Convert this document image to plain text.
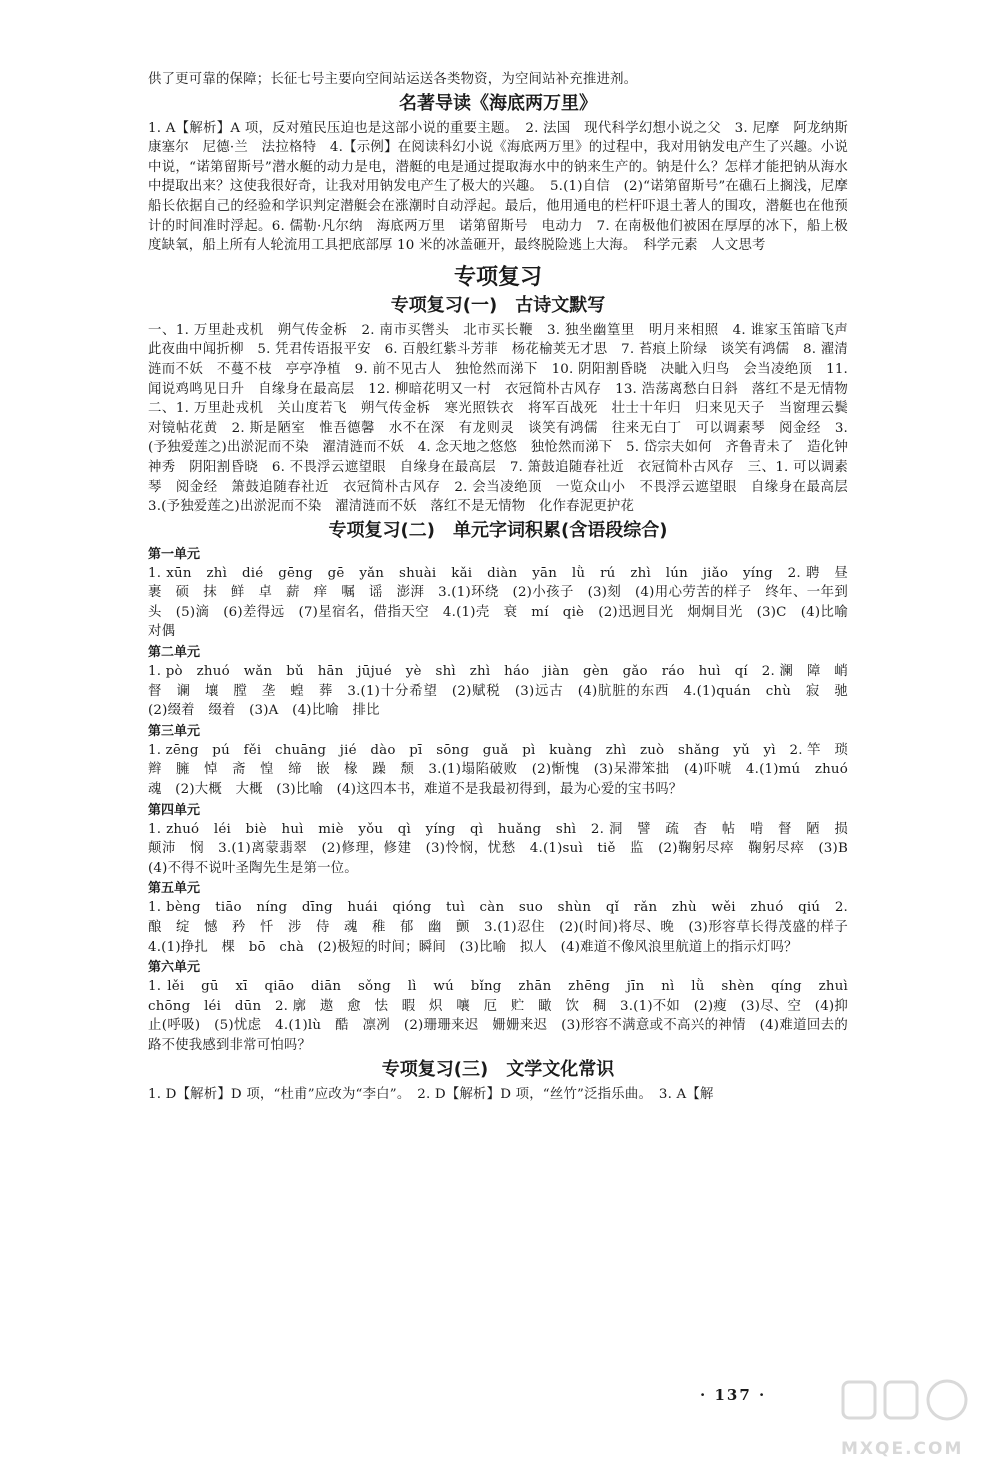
供了更可靠的保障；长征七号主要向空间站运送各类物资，为空间站补充推进剂。

名著导读《海底两万里》

1. A【解析】A 项，反对殖民压迫也是这部小说的重要主题。　2. 法国　现代科学幻想小说之父　3. 尼摩　阿龙纳斯　康塞尔　尼德·兰　法拉格特　4.【示例】在阅读科幻小说《海底两万里》的过程中，我对用钠发电产生了兴趣。小说中说，“诺第留斯号”潜水艇的动力是电，潜艇的电是通过提取海水中的钠来生产的。钠是什么？怎样才能把钠从海水中提取出来？这使我很好奇，让我对用钠发电产生了极大的兴趣。　5.(1)自信　(2)“诺第留斯号”在礁石上搁浅，尼摩船长依据自己的经验和学识判定潜艇会在涨潮时自动浮起。最后，他用通电的栏杆吓退土著人的围攻，潜艇也在他预计的时间准时浮起。6. 儒勒·凡尔纳　海底两万里　诺第留斯号　电动力　7. 在南极他们被困在厚厚的冰下，船上极度缺氧，船上所有人轮流用工具把底部厚 10 米的冰盖砸开，最终脱险逃上大海。　科学元素　人文思考

专项复习
专项复习(一)　古诗文默写

一、1. 万里赴戎机　朔气传金柝　2. 南市买辔头　北市买长鞭　3. 独坐幽篁里　明月来相照　4. 谁家玉笛暗飞声　此夜曲中闻折柳　5. 凭君传语报平安　6. 百般红紫斗芳菲　杨花榆荚无才思　7. 苔痕上阶绿　谈笑有鸿儒　8. 濯清涟而不妖　不蔓不枝　亭亭净植　9. 前不见古人　独怆然而涕下　10. 阴阳割昏晓　决眦入归鸟　会当凌绝顶　11. 闻说鸡鸣见日升　自缘身在最高层　12. 柳暗花明又一村　衣冠简朴古风存　13. 浩荡离愁白日斜　落红不是无情物　二、1. 万里赴戎机　关山度若飞　朔气传金柝　寒光照铁衣　将军百战死　壮士十年归　归来见天子　当窗理云鬓　对镜帖花黄　2. 斯是陋室　惟吾德馨　水不在深　有龙则灵　谈笑有鸿儒　往来无白丁　可以调素琴　阅金经　3.(予独爱莲之)出淤泥而不染　濯清涟而不妖　4. 念天地之悠悠　独怆然而涕下　5. 岱宗夫如何　齐鲁青未了　造化钟神秀　阴阳割昏晓　6. 不畏浮云遮望眼　自缘身在最高层　7. 箫鼓追随春社近　衣冠简朴古风存　三、1. 可以调素琴　阅金经　箫鼓追随春社近　衣冠简朴古风存　2. 会当凌绝顶　一览众山小　不畏浮云遮望眼　自缘身在最高层　3.(予独爱莲之)出淤泥而不染　濯清涟而不妖　落红不是无情物　化作春泥更护花

专项复习(二)　单元字词积累(含语段综合)
第一单元

1. xūn　zhì　dié　gēng　gē　yǎn　shuài　kǎi　diàn　yān　lǜ　rú　zhì　lún　jiǎo　yíng　2. 聘　昼　裹　硕　抹　鲜　卓　薪　痒　嘱　谣　澎湃　3.(1)环绕　(2)小孩子　(3)刻　(4)用心劳苦的样子　终年、一年到头　(5)滴　(6)差得远　(7)星宿名，借指天空　4.(1)壳　衰　mí　qiè　(2)迅迥目光　炯炯目光　(3)C　(4)比喻　对偶

第二单元

1. pò　zhuó　wǎn　bǔ　hān　jūjué　yè　shì　zhì　háo　jiàn　gèn　gǎo　ráo　huì　qí　2. 澜　障　峭　督　谰　壤　膛　垄　蝗　葬　3.(1)十分希望　(2)赋税　(3)远古　(4)肮脏的东西　4.(1)quán　chù　寂　驰　(2)缀着　缀着　(3)A　(4)比喻　排比

第三单元

1. zēng　pú　fěi　chuāng　jié　dào　pī　sōng　guǎ　pì　kuàng　zhì　zuò　shǎng　yǔ　yì　2. 竿　琐　辫　臃　悼　斋　惶　缔　嵌　椽　躁　颓　3.(1)塌陷破败　(2)惭愧　(3)呆滞笨拙　(4)吓唬　4.(1)mú　zhuó　魂　(2)大概　大概　(3)比喻　(4)这四本书，难道不是我最初得到，最为心爱的宝书吗？

第四单元

1. zhuó　léi　biè　huì　miè　yǒu　qì　yíng　qì　huǎng　shì　2. 洞　譬　疏　杳　帖　啃　督　陋　损　颠沛　悯　3.(1)离蒙翡翠　(2)修理，修建　(3)怜悯，忧愁　4.(1)suì　tiě　监　(2)鞠躬尽瘁　鞠躬尽瘁　(3)B　(4)不得不说叶圣陶先生是第一位。

第五单元

1. bèng　tiāo　níng　dīng　huái　qióng　tuì　càn　suo　shùn　qǐ　rǎn　zhù　wěi　zhuó　qiú　2. 酿　绽　憾　矜　忏　涉　侍　魂　稚　郁　幽　颤　3.(1)忍住　(2)(时间)将尽、晚　(3)形容草长得茂盛的样子　4.(1)挣扎　棵　bō　chà　(2)极短的时间；瞬间　(3)比喻　拟人　(4)难道不像风浪里航道上的指示灯吗？

第六单元

1. lěi　gū　xī　qiāo　diān　sǒng　lì　wú　bǐng　zhān　zhēng　jīn　nì　lǜ　shèn　qíng　zhuì　chōng　léi　dūn　2. 廓　遨　愈　怯　暇　炽　嚷　厄　贮　瞰　饮　稠　3.(1)不如　(2)瘦　(3)尽、空　(4)抑止(呼吸)　(5)忧虑　4.(1)lù　酷　凛冽　(2)珊珊来迟　姗姗来迟　(3)形容不满意或不高兴的神情　(4)难道回去的路不使我感到非常可怕吗？

专项复习(三)　文学文化常识

1. D【解析】D 项，“杜甫”应改为“李白”。　2. D【解析】D 项，“丝竹”泛指乐曲。　3. A【解

· 137 ·
MXQE.COM
